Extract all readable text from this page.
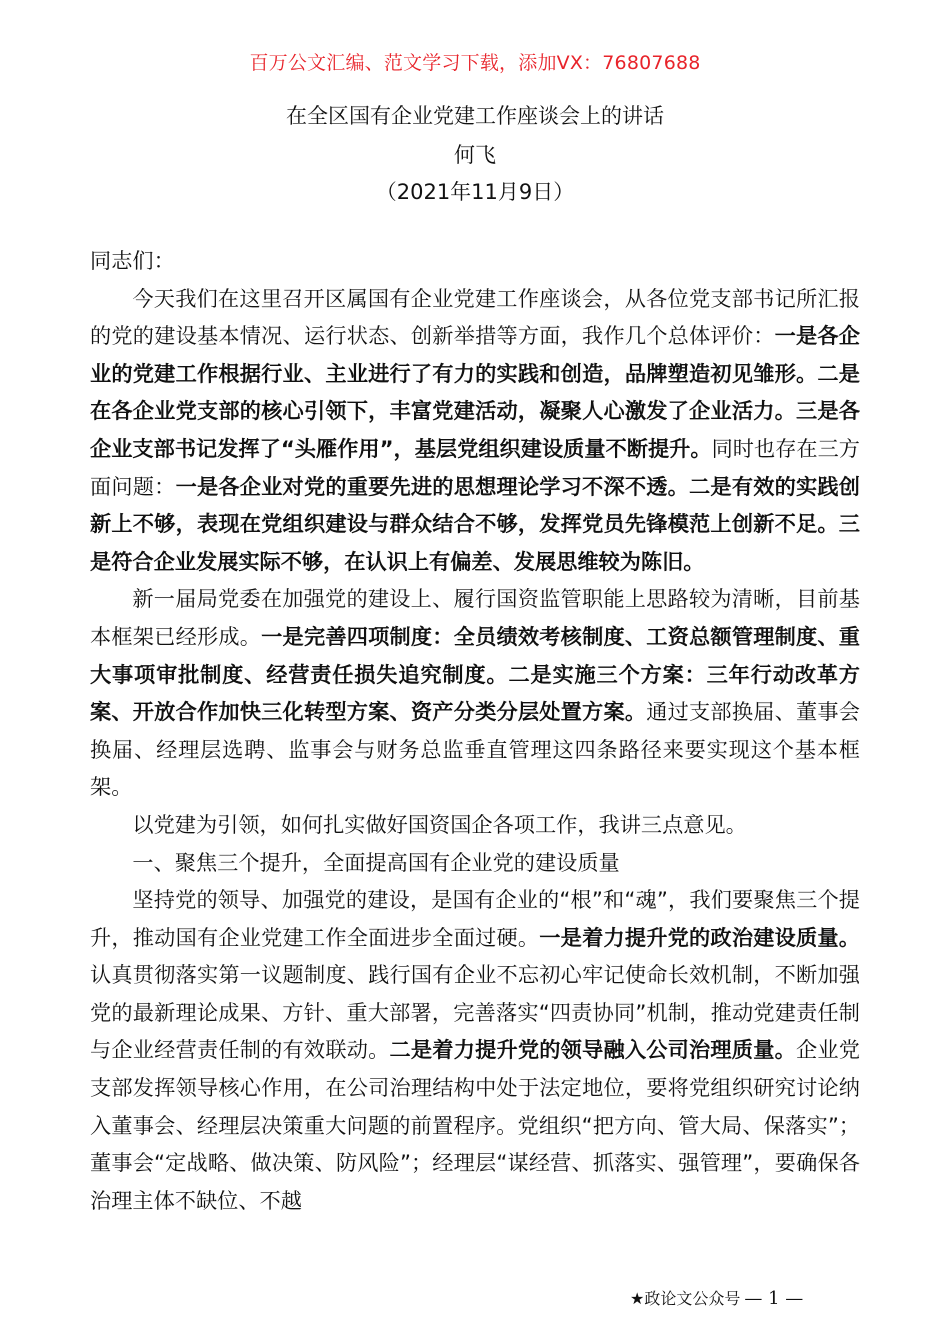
百万公文汇编、范文学习下载，添加VX：76807688
在全区国有企业党建工作座谈会上的讲话
何飞
（2021年11月9日）

同志们：

今天我们在这里召开区属国有企业党建工作座谈会，从各位党支部书记所汇报的党的建设基本情况、运行状态、创新举措等方面，我作几个总体评价：一是各企业的党建工作根据行业、主业进行了有力的实践和创造，品牌塑造初见雏形。二是在各企业党支部的核心引领下，丰富党建活动，凝聚人心激发了企业活力。三是各企业支部书记发挥了“头雁作用”，基层党组织建设质量不断提升。同时也存在三方面问题：一是各企业对党的重要先进的思想理论学习不深不透。二是有效的实践创新上不够，表现在党组织建设与群众结合不够，发挥党员先锋模范上创新不足。三是符合企业发展实际不够，在认识上有偏差、发展思维较为陈旧。

新一届局党委在加强党的建设上、履行国资监管职能上思路较为清晰，目前基本框架已经形成。一是完善四项制度：全员绩效考核制度、工资总额管理制度、重大事项审批制度、经营责任损失追究制度。二是实施三个方案：三年行动改革方案、开放合作加快三化转型方案、资产分类分层处置方案。通过支部换届、董事会换届、经理层选聘、监事会与财务总监垂直管理这四条路径来要实现这个基本框架。

以党建为引领，如何扎实做好国资国企各项工作，我讲三点意见。

一、聚焦三个提升，全面提高国有企业党的建设质量

坚持党的领导、加强党的建设，是国有企业的“根”和“魂”，我们要聚焦三个提升，推动国有企业党建工作全面进步全面过硬。一是着力提升党的政治建设质量。认真贯彻落实第一议题制度、践行国有企业不忘初心牢记使命长效机制，不断加强党的最新理论成果、方针、重大部署，完善落实“四责协同”机制，推动党建责任制与企业经营责任制的有效联动。二是着力提升党的领导融入公司治理质量。企业党支部发挥领导核心作用，在公司治理结构中处于法定地位，要将党组织研究讨论纳入董事会、经理层决策重大问题的前置程序。党组织“把方向、管大局、保落实”；董事会“定战略、做决策、防风险”；经理层“谋经营、抓落实、强管理”，要确保各治理主体不缺位、不越

★政论文公众号 — 1 —
